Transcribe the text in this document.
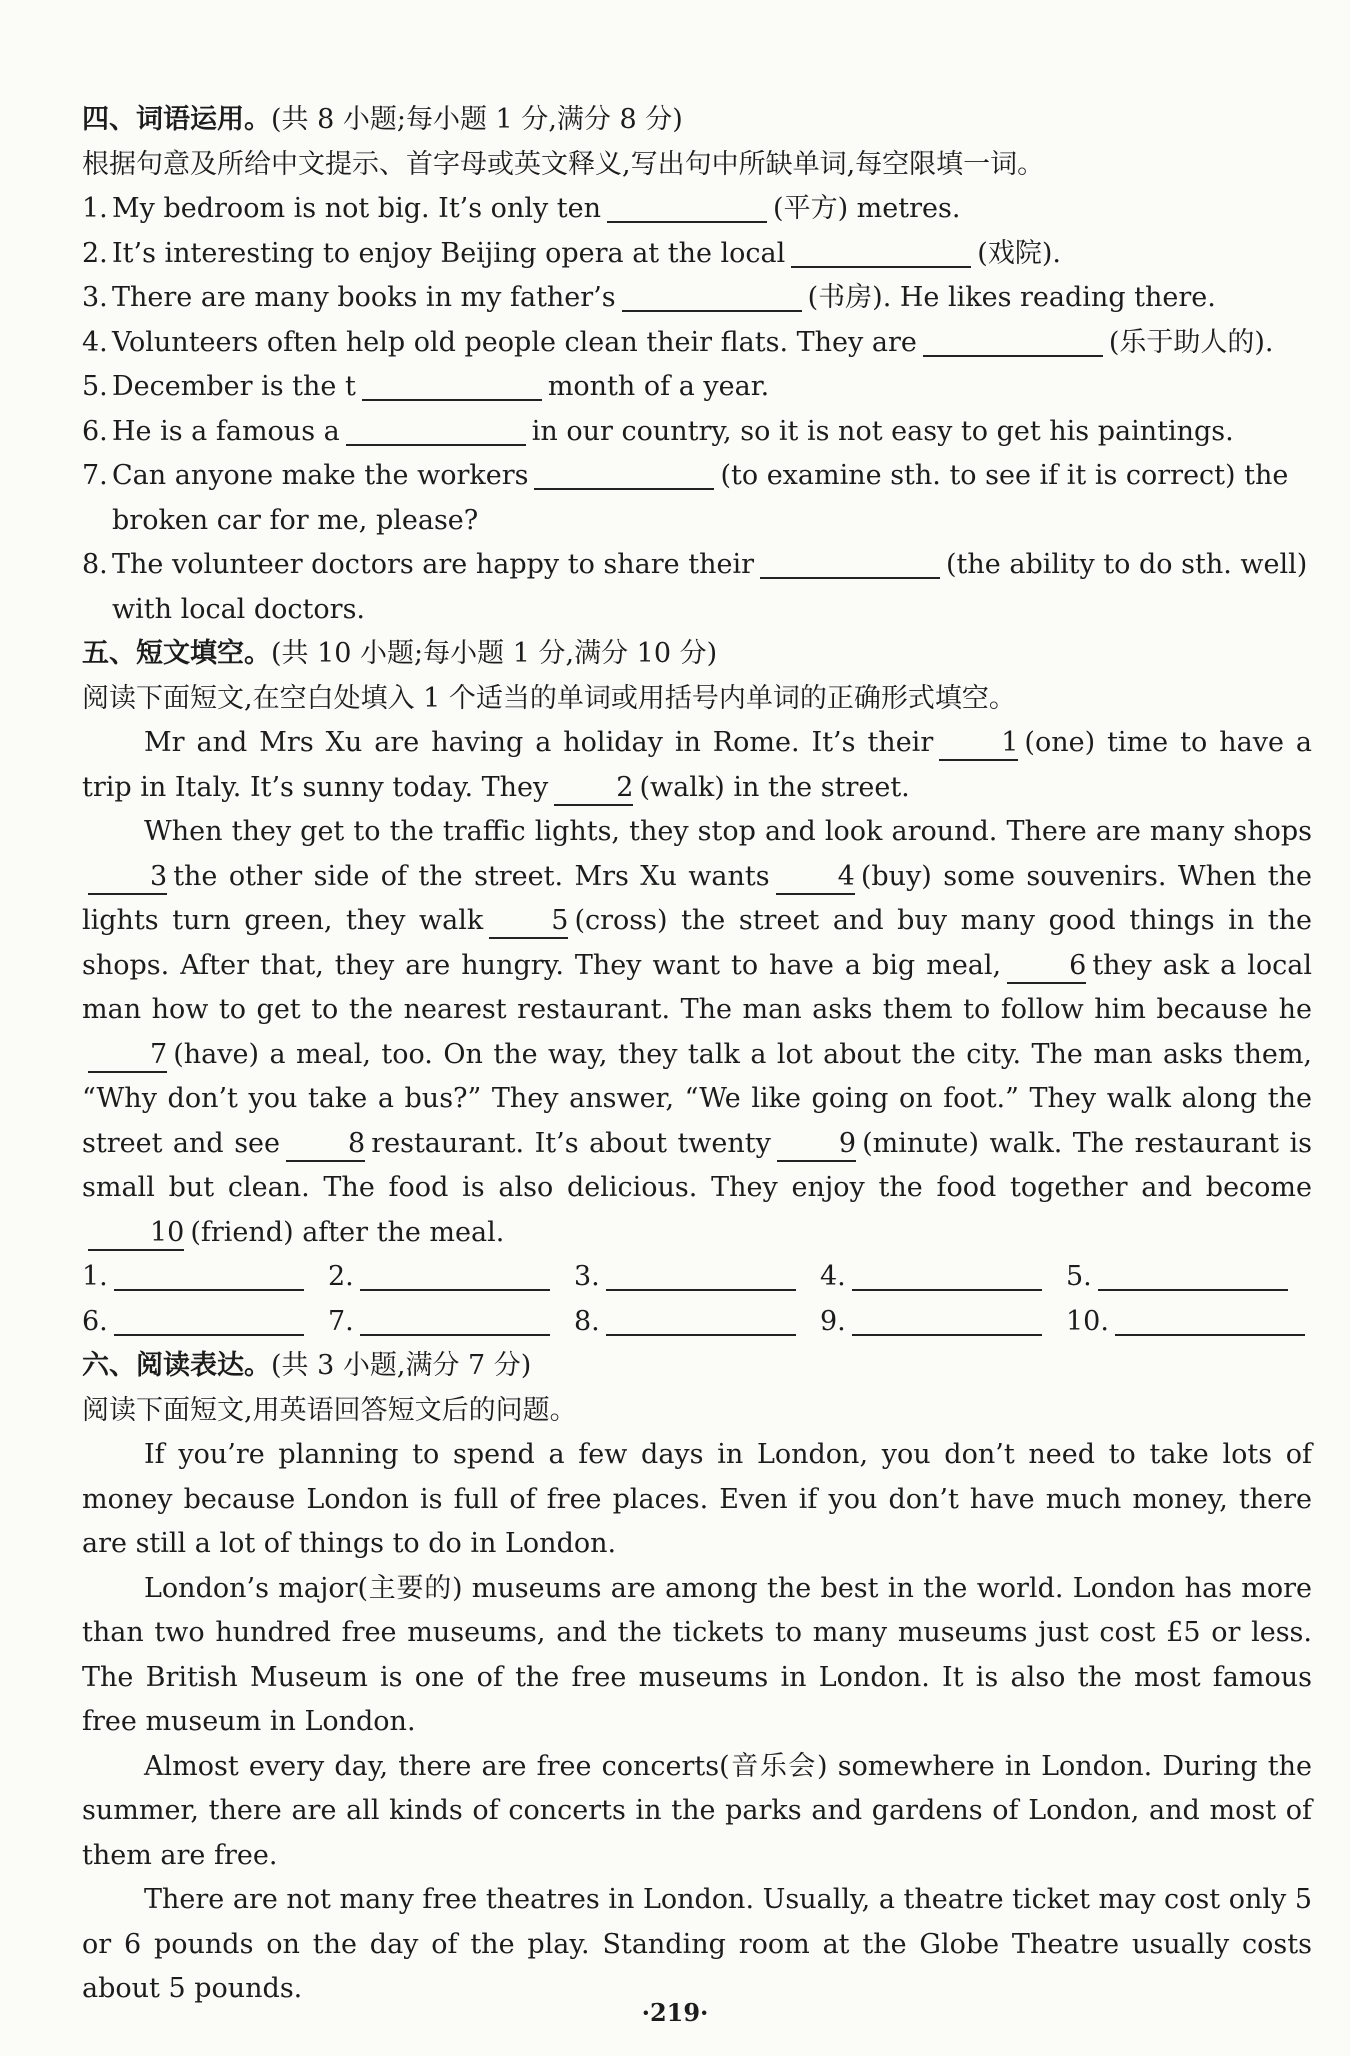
四、词语运用。(共 8 小题;每小题 1 分,满分 8 分)
根据句意及所给中文提示、首字母或英文释义,写出句中所缺单词,每空限填一词。
1. My bedroom is not big. It’s only ten	(平方) metres.
2. It’s interesting to enjoy Beijing opera at the local	(戏院).
3. There are many books in my father’s	(书房). He likes reading there.
4. Volunteers often help old people clean their flats. They are	(乐于助人的).
5. December is the t	month of a year.
6. He is a famous a	in our country, so it is not easy to get his paintings.
7. Can anyone make the workers	(to examine sth. to see if it is correct) the broken car for me, please?
8. The volunteer doctors are happy to share their	(the ability to do sth. well) with local doctors.
五、短文填空。(共 10 小题;每小题 1 分,满分 10 分)
阅读下面短文,在空白处填入 1 个适当的单词或用括号内单词的正确形式填空。
Mr and Mrs Xu are having a holiday in Rome. It’s their	1 (one) time to have a trip in Italy. It’s sunny today. They	2 (walk) in the street.
When they get to the traffic lights, they stop and look around. There are many shops3 the other side of the street. Mrs Xu wants	4 (buy) some souvenirs. When the lights turn green, they walk	5 (cross) the street and buy many good things in the shops. After that, they are hungry. They want to have a big meal,	6 they ask a local man how to get to the nearest restaurant. The man asks them to follow him because he7 (have) a meal, too. On the way, they talk a lot about the city. The man asks them, “Why don’t you take a bus?” They answer, “We like going on foot.” They walk along the street and see	8 restaurant. It’s about twenty	9 (minute) walk. The restaurant is small but clean. The food is also delicious. They enjoy the food together and become10 (friend) after the meal.
1.	2.	3.	4.	5.
6.	7.	8.	9.	10.
六、阅读表达。(共 3 小题,满分 7 分)
阅读下面短文,用英语回答短文后的问题。
If you’re planning to spend a few days in London, you don’t need to take lots of money because London is full of free places. Even if you don’t have much money, there are still a lot of things to do in London.
London’s major(主要的) museums are among the best in the world. London has more than two hundred free museums, and the tickets to many museums just cost £5 or less. The British Museum is one of the free museums in London. It is also the most famous free museum in London.
Almost every day, there are free concerts(音乐会) somewhere in London. During the summer, there are all kinds of concerts in the parks and gardens of London, and most of them are free.
There are not many free theatres in London. Usually, a theatre ticket may cost only 5 or 6 pounds on the day of the play. Standing room at the Globe Theatre usually costs about 5 pounds.
·219·
